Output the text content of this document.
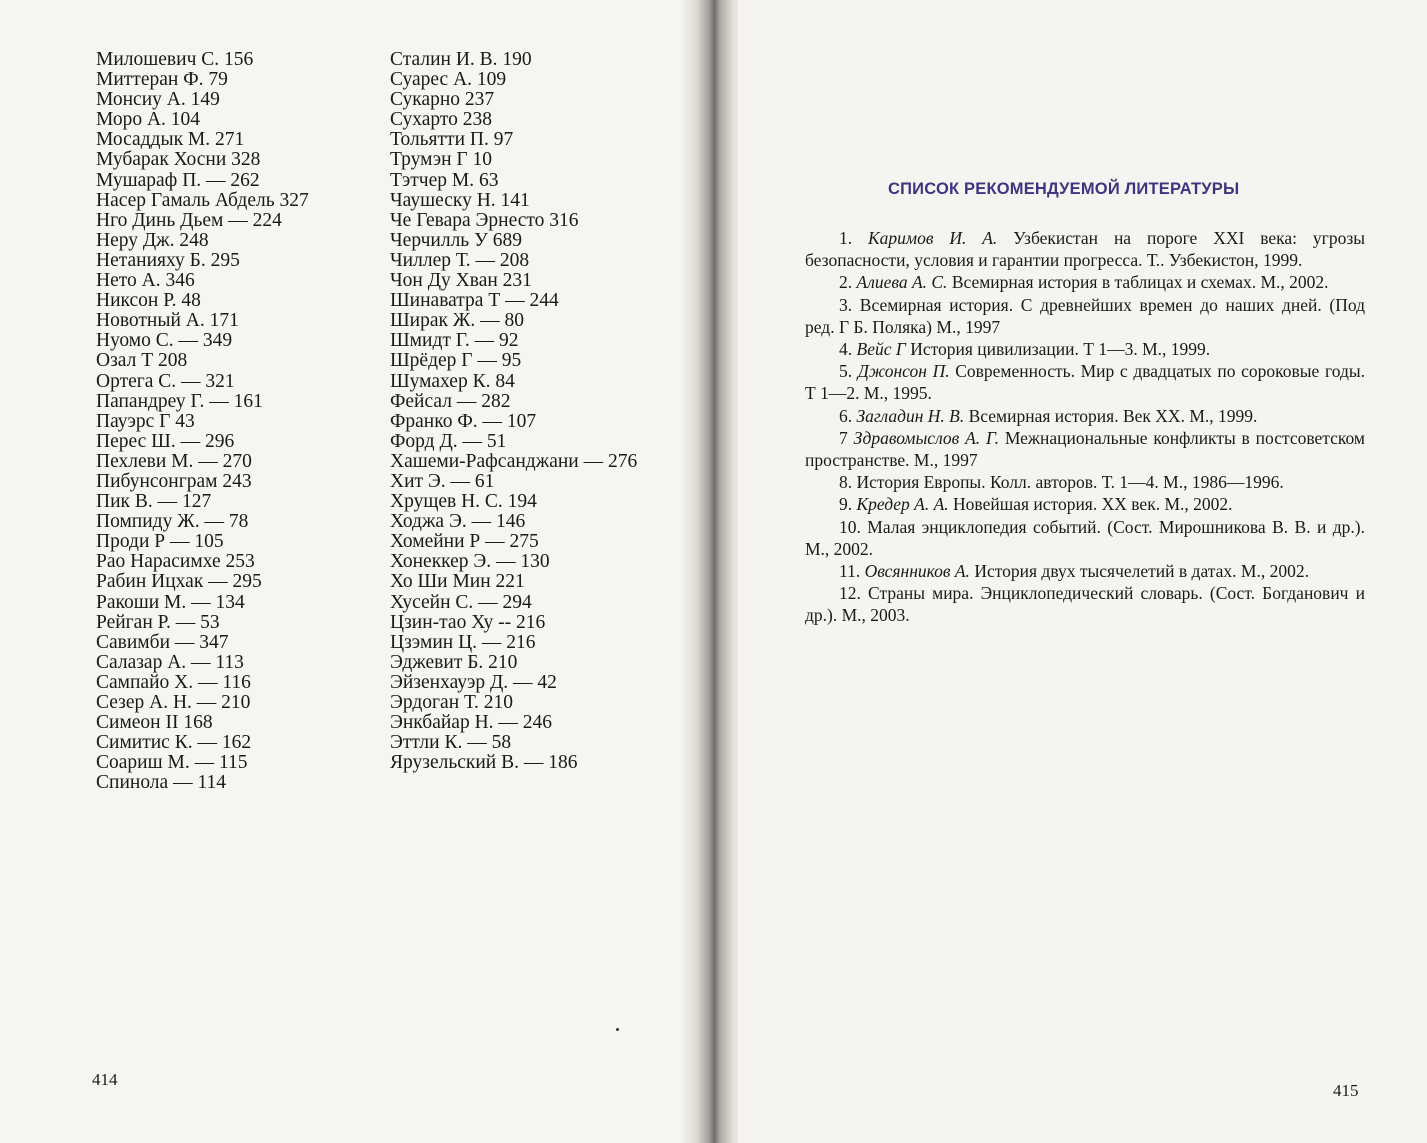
Милошевич С. 156
Миттеран Ф. 79
Монсиу А. 149
Моро А. 104
Мосаддык М. 271
Мубарак Хосни 328
Мушараф П. — 262
Насер Гамаль Абдель 327
Нго Динь Дьем — 224
Неру Дж. 248
Нетанияху Б. 295
Нето А. 346
Никсон Р. 48
Новотный А. 171
Нуомо С. — 349
Озал Т 208
Ортега С. — 321
Папандреу Г. — 161
Пауэрс Г 43
Перес Ш. — 296
Пехлеви М. — 270
Пибунсонграм 243
Пик В. — 127
Помпиду Ж. — 78
Проди Р — 105
Рао Нарасимхе 253
Рабин Ицхак — 295
Ракоши М. — 134
Рейган Р. — 53
Савимби — 347
Салазар А. — 113
Сампайо X. — 116
Сезер А. Н. — 210
Симеон II 168
Симитис К. — 162
Соариш М. — 115
Спинола — 114
Сталин И. В. 190
Суарес А. 109
Сукарно 237
Сухарто 238
Тольятти П. 97
Трумэн Г 10
Тэтчер М. 63
Чаушеску Н. 141
Че Гевара Эрнесто 316
Черчилль У 689
Чиллер Т. — 208
Чон Ду Хван 231
Шинаватра Т — 244
Ширак Ж. — 80
Шмидт Г. — 92
Шрёдер Г — 95
Шумахер К. 84
Фейсал — 282
Франко Ф. — 107
Форд Д. — 51
Хашеми-Рафсанджани — 276
Хит Э. — 61
Хрущев Н. С. 194
Ходжа Э. — 146
Хомейни Р — 275
Хонеккер Э. — 130
Хо Ши Мин 221
Хусейн С. — 294
Цзин-тао Ху -- 216
Цзэмин Ц. — 216
Эджевит Б. 210
Эйзенхауэр Д. — 42
Эрдоган Т. 210
Энкбайар Н. — 246
Эттли К. — 58
Ярузельский В. — 186
414
СПИСОК РЕКОМЕНДУЕМОЙ ЛИТЕРАТУРЫ

1. Каримов И. А. Узбекистан на пороге XXI века: угрозы безопасности, условия и гарантии прогресса. Т.. Узбекистон, 1999.

2. Алиева А. С. Всемирная история в таблицах и схемах. М., 2002.

3. Всемирная история. С древнейших времен до наших дней. (Под ред. Г Б. Поляка) М., 1997

4. Вейс Г История цивилизации. Т 1—3. М., 1999.

5. Джонсон П. Современность. Мир с двадцатых по сороковые годы. Т 1—2. М., 1995.

6. Загладин Н. В. Всемирная история. Век XX. М., 1999.

7 Здравомыслов А. Г. Межнациональные конфликты в постсоветском пространстве. М., 1997

8. История Европы. Колл. авторов. Т. 1—4. М., 1986—1996.

9. Кредер А. А. Новейшая история. XX век. М., 2002.

10. Малая энциклопедия событий. (Сост. Мирошникова В. В. и др.). М., 2002.

11. Овсянников А. История двух тысячелетий в датах. М., 2002.

12. Страны мира. Энциклопедический словарь. (Сост. Богданович и др.). М., 2003.

415
